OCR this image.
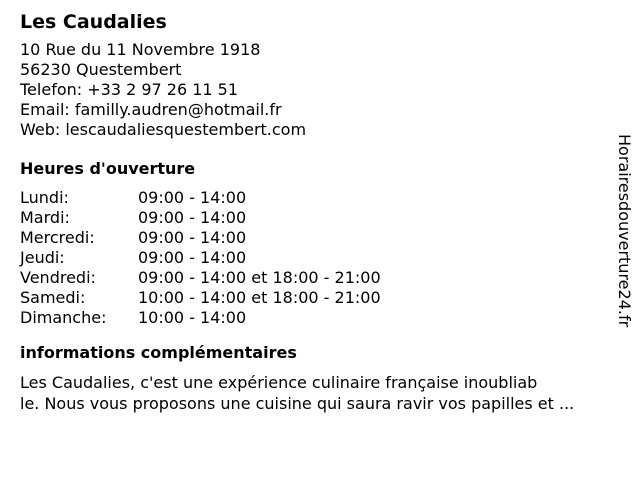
Les Caudalies
10 Rue du 11 Novembre 1918
56230 Questembert
Telefon: +33 2 97 26 11 51
Email: familly.audren@hotmail.fr
Web: lescaudaliesquestembert.com
Heures d'ouverture
Lundi:	09:00 - 14:00
Mardi:	09:00 - 14:00
Mercredi:	09:00 - 14:00
Jeudi:	09:00 - 14:00
Vendredi:	09:00 - 14:00 et 18:00 - 21:00
Samedi:	10:00 - 14:00 et 18:00 - 21:00
Dimanche:	10:00 - 14:00
informations complémentaires
Les Caudalies, c'est une expérience culinaire française inoubliab
le. Nous vous proposons une cuisine qui saura ravir vos papilles et ...
Horairesdouverture24.fr
